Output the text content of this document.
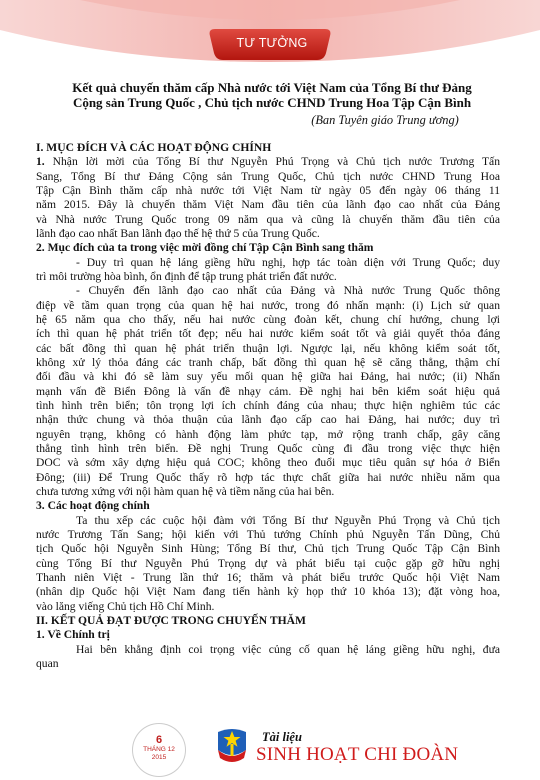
TƯ TƯỞNG
Kết quả chuyến thăm cấp Nhà nước tới Việt Nam của Tổng Bí thư Đảng
Cộng sản Trung Quốc , Chủ tịch nước CHND Trung Hoa Tập Cận Bình
(Ban Tuyên giáo Trung ương)
I. MỤC ĐÍCH VÀ CÁC HOẠT ĐỘNG CHÍNH
1. Nhận lời mời của Tổng Bí thư Nguyễn Phú Trọng và Chủ tịch nước Trương Tấn
Sang, Tổng Bí thư Đảng Cộng sản Trung Quốc, Chủ tịch nước CHND Trung Hoa
Tập Cận Bình thăm cấp nhà nước tới Việt Nam từ ngày 05 đến ngày 06 tháng 11
năm 2015. Đây là chuyến thăm Việt Nam đầu tiên của lãnh đạo cao nhất của Đảng
và Nhà nước Trung Quốc trong 09 năm qua và cũng là chuyến thăm đầu tiên của
lãnh đạo cao nhất Ban lãnh đạo thế hệ thứ 5 của Trung Quốc.
2. Mục đích của ta trong việc mời đồng chí Tập Cận Bình sang thăm
- Duy trì quan hệ láng giềng hữu nghị, hợp tác toàn diện với Trung Quốc; duy
trì môi trường hòa bình, ổn định để tập trung phát triển đất nước.
- Chuyển đến lãnh đạo cao nhất của Đảng và Nhà nước Trung Quốc thông
điệp về tầm quan trọng của quan hệ hai nước, trong đó nhấn mạnh: (i) Lịch sử quan
hệ 65 năm qua cho thấy, nếu hai nước cùng đoàn kết, chung chí hướng, chung lợi
ích thì quan hệ phát triển tốt đẹp; nếu hai nước kiểm soát tốt và giải quyết thỏa đáng
các bất đồng thì quan hệ phát triển thuận lợi. Ngược lại, nếu không kiểm soát tốt,
không xử lý thỏa đáng các tranh chấp, bất đồng thì quan hệ sẽ căng thẳng, thậm chí
đối đầu và khi đó sẽ làm suy yếu mối quan hệ giữa hai Đảng, hai nước; (ii) Nhấn
mạnh vấn đề Biển Đông là vấn đề nhạy cảm. Đề nghị hai bên kiểm soát hiệu quả
tình hình trên biển; tôn trọng lợi ích chính đáng của nhau; thực hiện nghiêm túc các
nhận thức chung và thỏa thuận của lãnh đạo cấp cao hai Đảng, hai nước; duy trì
nguyên trạng, không có hành động làm phức tạp, mở rộng tranh chấp, gây căng
thẳng tình hình trên biển. Đề nghị Trung Quốc cùng đi đầu trong việc thực hiện
DOC và sớm xây dựng hiệu quả COC; không theo đuổi mục tiêu quân sự hóa ở Biển
Đông; (iii) Để Trung Quốc thấy rõ hợp tác thực chất giữa hai nước nhiều năm qua
chưa tương xứng với nội hàm quan hệ và tiềm năng của hai bên.
3. Các hoạt động chính
Ta thu xếp các cuộc hội đàm với Tổng Bí thư Nguyễn Phú Trọng và Chủ tịch
nước Trương Tấn Sang; hội kiến với Thủ tướng Chính phủ Nguyễn Tấn Dũng, Chủ
tịch Quốc hội Nguyễn Sinh Hùng; Tổng Bí thư, Chủ tịch Trung Quốc Tập Cận Bình
cùng Tổng Bí thư Nguyễn Phú Trọng dự và phát biểu tại cuộc gặp gỡ hữu nghị
Thanh niên Việt - Trung lần thứ 16; thăm và phát biểu trước Quốc hội Việt Nam
(nhân dịp Quốc hội Việt Nam đang tiến hành kỳ họp thứ 10 khóa 13); đặt vòng hoa,
vào lăng viếng Chủ tịch Hồ Chí Minh.
II. KẾT QUẢ ĐẠT ĐƯỢC TRONG CHUYẾN THĂM
1. Về Chính trị
Hai bên khẳng định coi trọng việc củng cố quan hệ láng giềng hữu nghị, đưa
quan
6
THÁNG 12
2015
Tài liệu
SINH HOẠT CHI ĐOÀN
